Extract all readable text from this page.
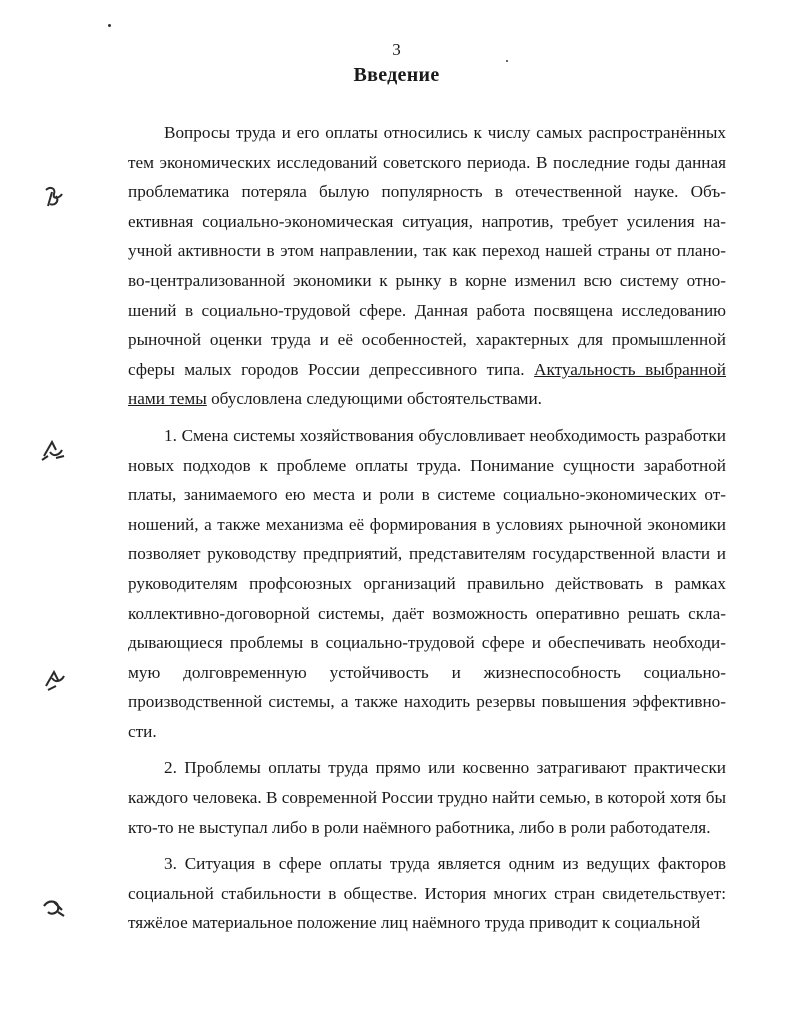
3
Введение

Вопросы труда и его оплаты относились к числу самых распространённых тем экономических исследований советского периода. В последние годы данная проблематика потеряла былую популярность в отечественной науке. Объективная социально-экономическая ситуация, напротив, требует усиления научной активности в этом направлении, так как переход нашей страны от планово-централизованной экономики к рынку в корне изменил всю систему отношений в социально-трудовой сфере. Данная работа посвящена исследованию рыночной оценки труда и её особенностей, характерных для промышленной сферы малых городов России депрессивного типа. Актуальность выбранной нами темы обусловлена следующими обстоятельствами.

1. Смена системы хозяйствования обусловливает необходимость разработки новых подходов к проблеме оплаты труда. Понимание сущности заработной платы, занимаемого ею места и роли в системе социально-экономических отношений, а также механизма её формирования в условиях рыночной экономики позволяет руководству предприятий, представителям государственной власти и руководителям профсоюзных организаций правильно действовать в рамках коллективно-договорной системы, даёт возможность оперативно решать складывающиеся проблемы в социально-трудовой сфере и обеспечивать необходимую долговременную устойчивость и жизнеспособность социально-производственной системы, а также находить резервы повышения эффективности.

2. Проблемы оплаты труда прямо или косвенно затрагивают практически каждого человека. В современной России трудно найти семью, в которой хотя бы кто-то не выступал либо в роли наёмного работника, либо в роли работодателя.

3. Ситуация в сфере оплаты труда является одним из ведущих факторов социальной стабильности в обществе. История многих стран свидетельствует: тяжёлое материальное положение лиц наёмного труда приводит к социальной
